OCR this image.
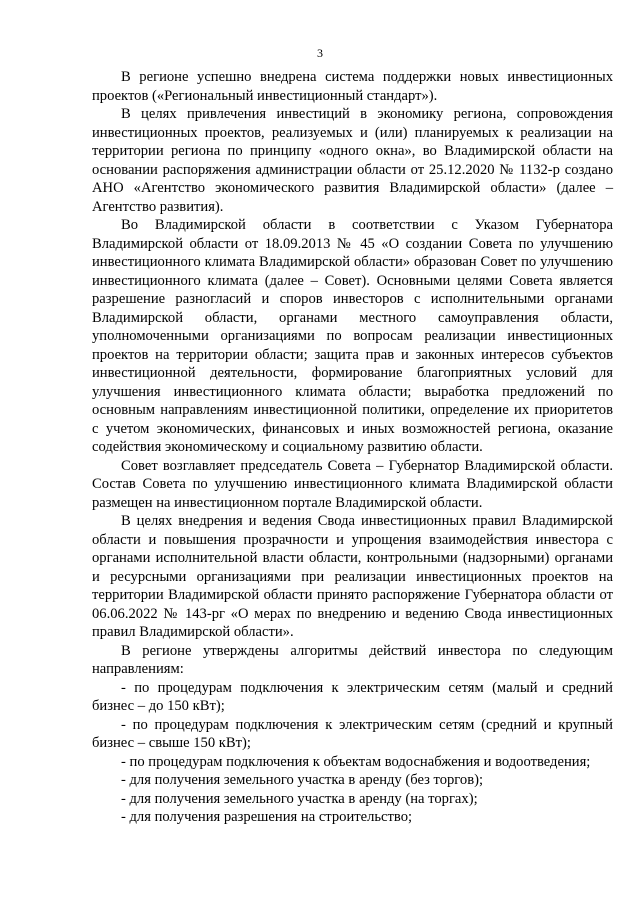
3

В регионе успешно внедрена система поддержки новых инвестиционных проектов («Региональный инвестиционный стандарт»).

В целях привлечения инвестиций в экономику региона, сопровождения инвестиционных проектов, реализуемых и (или) планируемых к реализации на территории региона по принципу «одного окна», во Владимирской области на основании распоряжения администрации области от 25.12.2020 № 1132-р создано АНО «Агентство экономического развития Владимирской области» (далее – Агентство развития).

Во Владимирской области в соответствии с Указом Губернатора Владимирской области от 18.09.2013 № 45 «О создании Совета по улучшению инвестиционного климата Владимирской области» образован Совет по улучшению инвестиционного климата (далее – Совет). Основными целями Совета является разрешение разногласий и споров инвесторов с исполнительными органами Владимирской области, органами местного самоуправления области, уполномоченными организациями по вопросам реализации инвестиционных проектов на территории области; защита прав и законных интересов субъектов инвестиционной деятельности, формирование благоприятных условий для улучшения инвестиционного климата области; выработка предложений по основным направлениям инвестиционной политики, определение их приоритетов с учетом экономических, финансовых и иных возможностей региона, оказание содействия экономическому и социальному развитию области.

Совет возглавляет председатель Совета – Губернатор Владимирской области. Состав Совета по улучшению инвестиционного климата Владимирской области размещен на инвестиционном портале Владимирской области.

В целях внедрения и ведения Свода инвестиционных правил Владимирской области и повышения прозрачности и упрощения взаимодействия инвестора с органами исполнительной власти области, контрольными (надзорными) органами и ресурсными организациями при реализации инвестиционных проектов на территории Владимирской области принято распоряжение Губернатора области от 06.06.2022 № 143-рг «О мерах по внедрению и ведению Свода инвестиционных правил Владимирской области».

В регионе утверждены алгоритмы действий инвестора по следующим направлениям:

- по процедурам подключения к электрическим сетям (малый и средний бизнес – до 150 кВт);

- по процедурам подключения к электрическим сетям (средний и крупный бизнес – свыше 150 кВт);

- по процедурам подключения к объектам водоснабжения и водоотведения;

- для получения земельного участка в аренду (без торгов);

- для получения земельного участка в аренду (на торгах);

- для получения разрешения на строительство;
